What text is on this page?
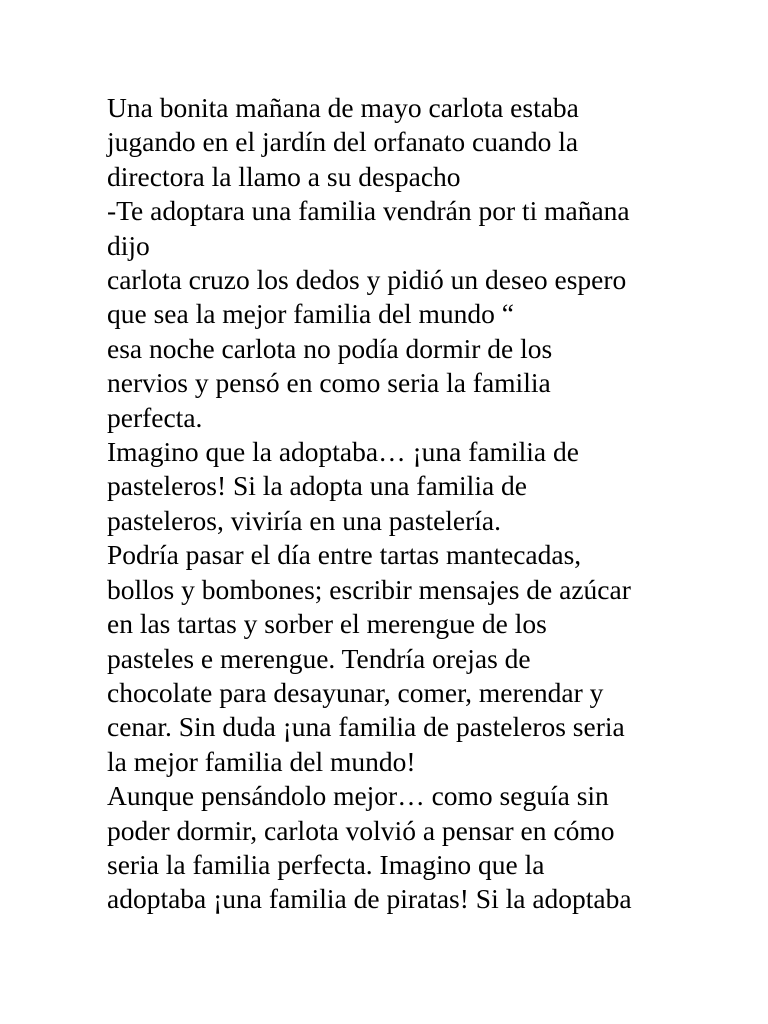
Una bonita mañana de mayo carlota estaba

jugando en el jardín del orfanato cuando la

directora la llamo a su despacho

-Te adoptara una familia vendrán por ti mañana

dijo

carlota cruzo los dedos y pidió un deseo espero

que sea la mejor familia del mundo “

esa noche carlota no podía dormir de los

nervios y pensó en como seria la familia

perfecta.

Imagino que la adoptaba… ¡una familia de

pasteleros! Si la adopta una familia de

pasteleros, viviría en una pastelería.

Podría pasar el día entre tartas mantecadas,

bollos y bombones; escribir mensajes de azúcar

en las tartas y sorber el merengue de los

pasteles e merengue. Tendría orejas de

chocolate para desayunar, comer, merendar y

cenar. Sin duda ¡una familia de pasteleros seria

la mejor familia del mundo!

Aunque pensándolo mejor… como seguía sin

poder dormir, carlota volvió a pensar en cómo

seria la familia perfecta. Imagino que la

adoptaba ¡una familia de piratas! Si la adoptaba
